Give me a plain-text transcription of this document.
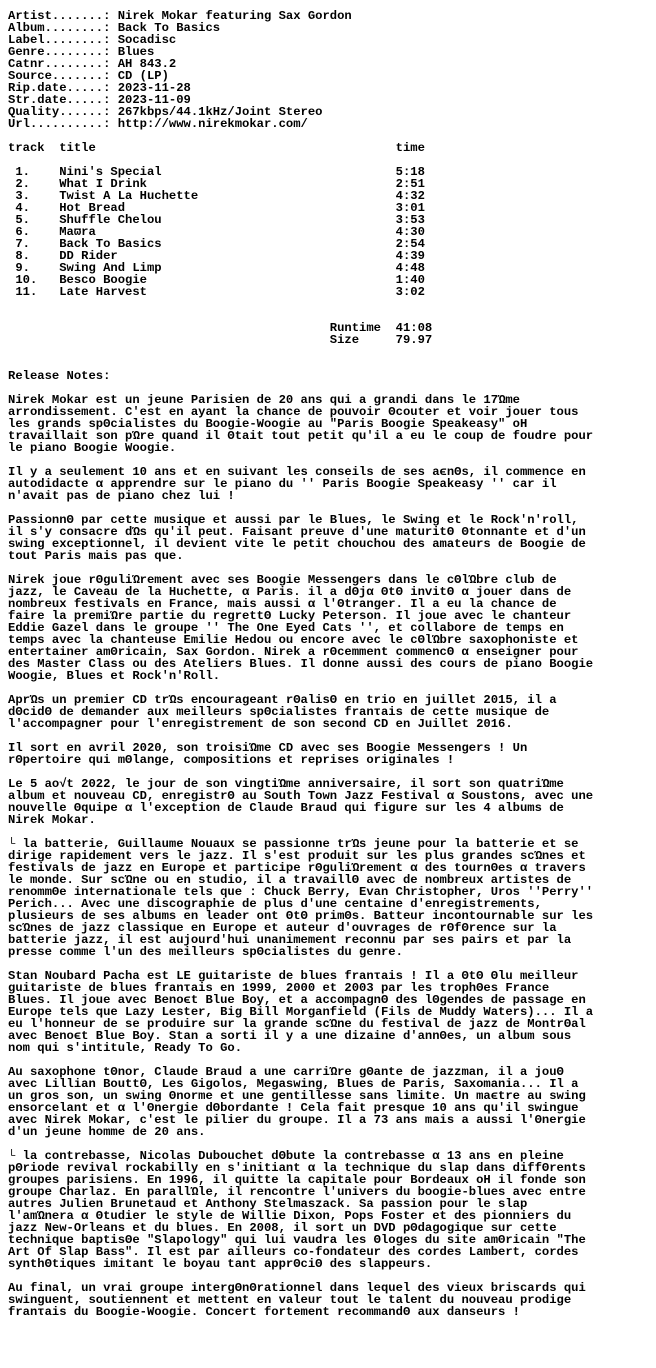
Artist.......: Nirek Mokar featuring Sax Gordon
Album........: Back To Basics
Label........: Socadisc
Genre........: Blues
Catnr........: AH 843.2
Source.......: CD (LP)
Rip.date.....: 2023-11-28
Str.date.....: 2023-11-09
Quality......: 267kbps/44.1kHz/Joint Stereo
Url..........: http://www.nirekmokar.com/
track  title                                         time
1.    Nini's Special                                5:18
2.    What I Drink                                  2:51
3.    Twist A La Huchette                           4:32
4.    Hot Bread                                     3:01
5.    Shuffle Chelou                                3:53
6.    Maϖra                                         4:30
7.    Back To Basics                                2:54
8.    DD Rider                                      4:39
9.    Swing And Limp                                4:48
10.   Besco Boogie                                  1:40
11.   Late Harvest                                  3:02
Runtime  41:08
Size     79.97
Release Notes:
Nirek Mokar est un jeune Parisien de 20 ans qui a grandi dans le 17Ώme
arrondissement. C'est en ayant la chance de pouvoir Θcouter et voir jouer tous
les grands spΘcialistes du Boogie-Woogie au "Paris Boogie Speakeasy" oΗ
travaillait son pΏre quand il Θtait tout petit qu'il a eu le coup de foudre pour
le piano Boogie Woogie.
Il y a seulement 10 ans et en suivant les conseils de ses aϵnΘs, il commence en
autodidacte α apprendre sur le piano du '' Paris Boogie Speakeasy '' car il
n'avait pas de piano chez lui !
PassionnΘ par cette musique et aussi par le Blues, le Swing et le Rock'n'roll,
il s'y consacre dΏs qu'il peut. Faisant preuve d'une maturitΘ Θtonnante et d'un
swing exceptionnel, il devient vite le petit chouchou des amateurs de Boogie de
tout Paris mais pas que.
Nirek joue rΘguliΏrement avec ses Boogie Messengers dans le cΘlΏbre club de
jazz, le Caveau de la Huchette, α Paris. il a dΘjα ΘtΘ invitΘ α jouer dans de
nombreux festivals en France, mais aussi α l'Θtranger. Il a eu la chance de
faire la premiΏre partie du regrettΘ Lucky Peterson. Il joue avec le chanteur
Eddie Gazel dans le groupe '' The One Eyed Cats '', et collabore de temps en
temps avec la chanteuse Emilie Hedou ou encore avec le cΘlΏbre saxophoniste et
entertainer amΘricain, Sax Gordon. Nirek a rΘcemment commencΘ α enseigner pour
des Master Class ou des Ateliers Blues. Il donne aussi des cours de piano Boogie
Woogie, Blues et Rock'n'Roll.
AprΏs un premier CD trΏs encourageant rΘalisΘ en trio en juillet 2015, il a
dΘcidΘ de demander aux meilleurs spΘcialistes franτais de cette musique de
l'accompagner pour l'enregistrement de son second CD en Juillet 2016.
Il sort en avril 2020, son troisiΏme CD avec ses Boogie Messengers ! Un
rΘpertoire qui mΘlange, compositions et reprises originales !
Le 5 ao√t 2022, le jour de son vingtiΏme anniversaire, il sort son quatriΏme
album et nouveau CD, enregistrΘ au South Town Jazz Festival α Soustons, avec une
nouvelle Θquipe α l'exception de Claude Braud qui figure sur les 4 albums de
Nirek Mokar.
└ la batterie, Guillaume Nouaux se passionne trΏs jeune pour la batterie et se
dirige rapidement vers le jazz. Il s'est produit sur les plus grandes scΏnes et
festivals de jazz en Europe et participe rΘguliΏrement α des tournΘes α travers
le monde. Sur scΏne ou en studio, il a travaillΘ avec de nombreux artistes de
renommΘe internationale tels que : Chuck Berry, Evan Christopher, Uros ''Perry''
Perich... Avec une discographie de plus d'une centaine d'enregistrements,
plusieurs de ses albums en leader ont ΘtΘ primΘs. Batteur incontournable sur les
scΏnes de jazz classique en Europe et auteur d'ouvrages de rΘfΘrence sur la
batterie jazz, il est aujourd'hui unanimement reconnu par ses pairs et par la
presse comme l'un des meilleurs spΘcialistes du genre.
Stan Noubard Pacha est LE guitariste de blues franτais ! Il a ΘtΘ Θlu meilleur
guitariste de blues franτais en 1999, 2000 et 2003 par les trophΘes France
Blues. Il joue avec Benoϵt Blue Boy, et a accompagnΘ des lΘgendes de passage en
Europe tels que Lazy Lester, Big Bill Morganfield (Fils de Muddy Waters)... Il a
eu l'honneur de se produire sur la grande scΏne du festival de jazz de MontrΘal
avec Benoϵt Blue Boy. Stan a sorti il y a une dizaine d'annΘes, un album sous
nom qui s'intitule, Ready To Go.
Au saxophone tΘnor, Claude Braud a une carriΏre gΘante de jazzman, il a jouΘ
avec Lillian BouttΘ, Les Gigolos, Megaswing, Blues de Paris, Saxomania... Il a
un gros son, un swing Θnorme et une gentillesse sans limite. Un maϵtre au swing
ensorcelant et α l'Θnergie dΘbordante ! Cela fait presque 10 ans qu'il swingue
avec Nirek Mokar, c'est le pilier du groupe. Il a 73 ans mais a aussi l'Θnergie
d'un jeune homme de 20 ans.
└ la contrebasse, Nicolas Dubouchet dΘbute la contrebasse α 13 ans en pleine
pΘriode revival rockabilly en s'initiant α la technique du slap dans diffΘrents
groupes parisiens. En 1996, il quitte la capitale pour Bordeaux oΗ il fonde son
groupe Charlaz. En parallΏle, il rencontre l'univers du boogie-blues avec entre
autres Julien Brunetaud et Anthony Stelmaszack. Sa passion pour le slap
l'amΏnera α Θtudier le style de Willie Dixon, Pops Foster et des pionniers du
jazz New-Orleans et du blues. En 2008, il sort un DVD pΘdagogique sur cette
technique baptisΘe "Slapology" qui lui vaudra les Θloges du site amΘricain "The
Art Of Slap Bass". Il est par ailleurs co-fondateur des cordes Lambert, cordes
synthΘtiques imitant le boyau tant apprΘciΘ des slappeurs.
Au final, un vrai groupe intergΘnΘrationnel dans lequel des vieux briscards qui
swinguent, soutiennent et mettent en valeur tout le talent du nouveau prodige
franτais du Boogie-Woogie. Concert fortement recommandΘ aux danseurs !
